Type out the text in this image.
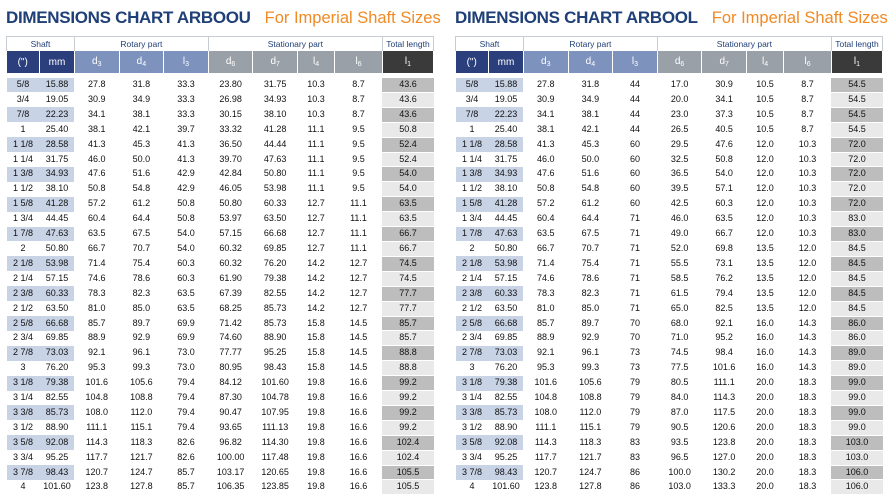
DIMENSIONS CHART ARBOOU For Imperial Shaft Sizes
Shaft		Rotary part			Stationary part				Total length
(")	mm	$d_3$	$d_4$	$l_3$	$d_6$	$d_7$	$l_4$	$l_6$	$l_1$

5/8	15.88	27.8	31.8	33.3	23.80	31.75	10.3	8.7	43.6
3/4	19.05	30.9	34.9	33.3	26.98	34.93	10.3	8.7	43.6
7/8	22.23	34.1	38.1	33.3	30.15	38.10	10.3	8.7	43.6
1	25.40	38.1	42.1	39.7	33.32	41.28	11.1	9.5	50.8
1 1/8	28.58	41.3	45.3	41.3	36.50	44.44	11.1	9.5	52.4
1 1/4	31.75	46.0	50.0	41.3	39.70	47.63	11.1	9.5	52.4
1 3/8	34.93	47.6	51.6	42.9	42.84	50.80	11.1	9.5	54.0
1 1/2	38.10	50.8	54.8	42.9	46.05	53.98	11.1	9.5	54.0
1 5/8	41.28	57.2	61.2	50.8	50.80	60.33	12.7	11.1	63.5
1 3/4	44.45	60.4	64.4	50.8	53.97	63.50	12.7	11.1	63.5
1 7/8	47.63	63.5	67.5	54.0	57.15	66.68	12.7	11.1	66.7
2	50.80	66.7	70.7	54.0	60.32	69.85	12.7	11.1	66.7
2 1/8	53.98	71.4	75.4	60.3	60.32	76.20	14.2	12.7	74.5
2 1/4	57.15	74.6	78.6	60.3	61.90	79.38	14.2	12.7	74.5
2 3/8	60.33	78.3	82.3	63.5	67.39	82.55	14.2	12.7	77.7
2 1/2	63.50	81.0	85.0	63.5	68.25	85.73	14.2	12.7	77.7
2 5/8	66.68	85.7	89.7	69.9	71.42	85.73	15.8	14.5	85.7
2 3/4	69.85	88.9	92.9	69.9	74.60	88.90	15.8	14.5	85.7
2 7/8	73.03	92.1	96.1	73.0	77.77	95.25	15.8	14.5	88.8
3	76.20	95.3	99.3	73.0	80.95	98.43	15.8	14.5	88.8
3 1/8	79.38	101.6	105.6	79.4	84.12	101.60	19.8	16.6	99.2
3 1/4	82.55	104.8	108.8	79.4	87.30	104.78	19.8	16.6	99.2
3 3/8	85.73	108.0	112.0	79.4	90.47	107.95	19.8	16.6	99.2
3 1/2	88.90	111.1	115.1	79.4	93.65	111.13	19.8	16.6	99.2
3 5/8	92.08	114.3	118.3	82.6	96.82	114.30	19.8	16.6	102.4
3 3/4	95.25	117.7	121.7	82.6	100.00	117.48	19.8	16.6	102.4
3 7/8	98.43	120.7	124.7	85.7	103.17	120.65	19.8	16.6	105.5
4	101.60	123.8	127.8	85.7	106.35	123.85	19.8	16.6	105.5
DIMENSIONS CHART ARBOOL For Imperial Shaft Sizes
Shaft		Rotary part			Stationary part				Total length
(")	mm	$d_3$	$d_4$	$l_3$	$d_6$	$d_7$	$l_4$	$l_6$	$l_1$

5/8	15.88	27.8	31.8	44	17.0	30.9	10.5	8.7	54.5
3/4	19.05	30.9	34.9	44	20.0	34.1	10.5	8.7	54.5
7/8	22.23	34.1	38.1	44	23.0	37.3	10.5	8.7	54.5
1	25.40	38.1	42.1	44	26.5	40.5	10.5	8.7	54.5
1 1/8	28.58	41.3	45.3	60	29.5	47.6	12.0	10.3	72.0
1 1/4	31.75	46.0	50.0	60	32.5	50.8	12.0	10.3	72.0
1 3/8	34.93	47.6	51.6	60	36.5	54.0	12.0	10.3	72.0
1 1/2	38.10	50.8	54.8	60	39.5	57.1	12.0	10.3	72.0
1 5/8	41.28	57.2	61.2	60	42.5	60.3	12.0	10.3	72.0
1 3/4	44.45	60.4	64.4	71	46.0	63.5	12.0	10.3	83.0
1 7/8	47.63	63.5	67.5	71	49.0	66.7	12.0	10.3	83.0
2	50.80	66.7	70.7	71	52.0	69.8	13.5	12.0	84.5
2 1/8	53.98	71.4	75.4	71	55.5	73.1	13.5	12.0	84.5
2 1/4	57.15	74.6	78.6	71	58.5	76.2	13.5	12.0	84.5
2 3/8	60.33	78.3	82.3	71	61.5	79.4	13.5	12.0	84.5
2 1/2	63.50	81.0	85.0	71	65.0	82.5	13.5	12.0	84.5
2 5/8	66.68	85.7	89.7	70	68.0	92.1	16.0	14.3	86.0
2 3/4	69.85	88.9	92.9	70	71.0	95.2	16.0	14.3	86.0
2 7/8	73.03	92.1	96.1	73	74.5	98.4	16.0	14.3	89.0
3	76.20	95.3	99.3	73	77.5	101.6	16.0	14.3	89.0
3 1/8	79.38	101.6	105.6	79	80.5	111.1	20.0	18.3	99.0
3 1/4	82.55	104.8	108.8	79	84.0	114.3	20.0	18.3	99.0
3 3/8	85.73	108.0	112.0	79	87.0	117.5	20.0	18.3	99.0
3 1/2	88.90	111.1	115.1	79	90.5	120.6	20.0	18.3	99.0
3 5/8	92.08	114.3	118.3	83	93.5	123.8	20.0	18.3	103.0
3 3/4	95.25	117.7	121.7	83	96.5	127.0	20.0	18.3	103.0
3 7/8	98.43	120.7	124.7	86	100.0	130.2	20.0	18.3	106.0
4	101.60	123.8	127.8	86	103.0	133.3	20.0	18.3	106.0
